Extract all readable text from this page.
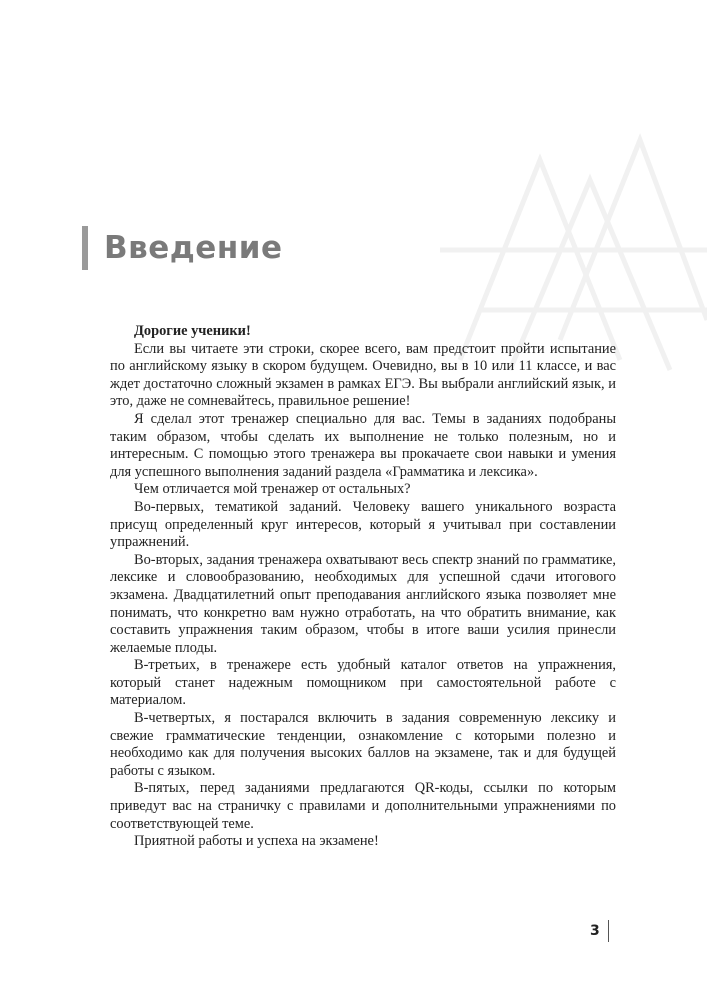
Введение

Дорогие ученики!

Если вы читаете эти строки, скорее всего, вам предстоит пройти испытание по английскому языку в скором будущем. Очевидно, вы в 10 или 11 классе, и вас ждет достаточно сложный экзамен в рамках ЕГЭ. Вы выбрали английский язык, и это, даже не сомневайтесь, правильное решение!

Я сделал этот тренажер специально для вас. Темы в заданиях подобраны таким образом, чтобы сделать их выполнение не только полезным, но и интересным. С помощью этого тренажера вы прокачаете свои навыки и умения для успешного выполнения заданий раздела «Грамматика и лексика».

Чем отличается мой тренажер от остальных?

Во-первых, тематикой заданий. Человеку вашего уникального возраста присущ определенный круг интересов, который я учитывал при составлении упражнений.

Во-вторых, задания тренажера охватывают весь спектр знаний по грамматике, лексике и словообразованию, необходимых для успешной сдачи итогового экзамена. Двадцатилетний опыт преподавания английского языка позволяет мне понимать, что конкретно вам нужно отработать, на что обратить внимание, как составить упражнения таким образом, чтобы в итоге ваши усилия принесли желаемые плоды.

В-третьих, в тренажере есть удобный каталог ответов на упражнения, который станет надежным помощником при самостоятельной работе с материалом.

В-четвертых, я постарался включить в задания современную лексику и свежие грамматические тенденции, ознакомление с которыми полезно и необходимо как для получения высоких баллов на экзамене, так и для будущей работы с языком.

В-пятых, перед заданиями предлагаются QR-коды, ссылки по которым приведут вас на страничку с правилами и дополнительными упражнениями по соответствующей теме.

Приятной работы и успеха на экзамене!

3
